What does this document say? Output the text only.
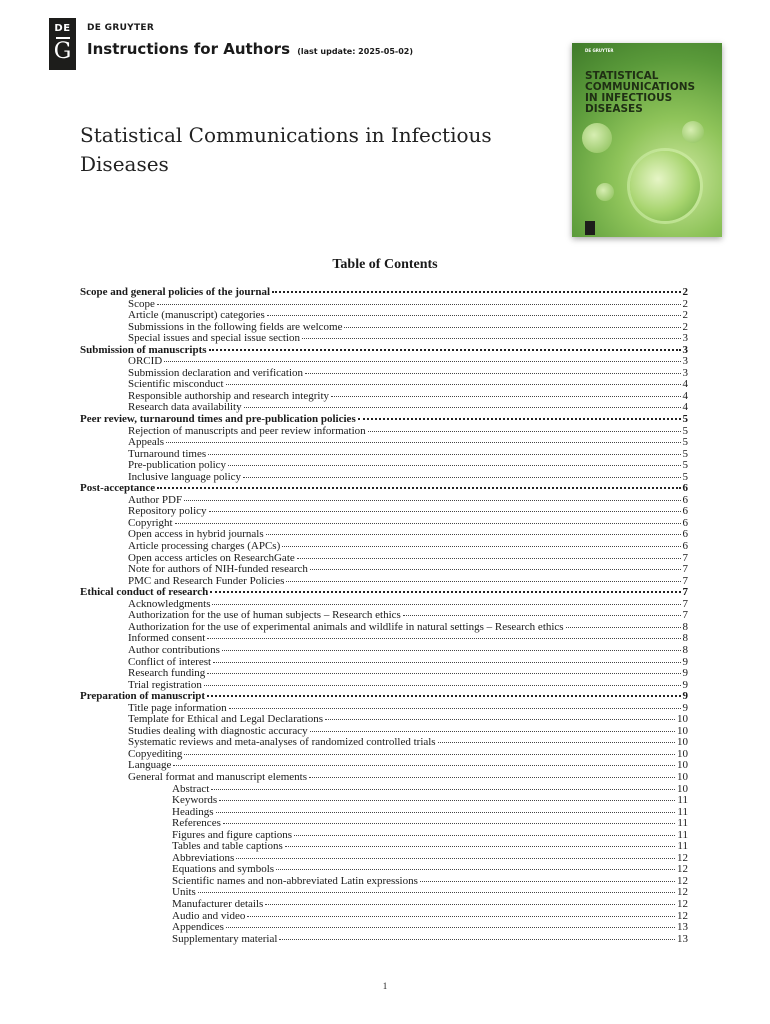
DE
G
DE GRUYTER
Instructions for Authors (last update: 2025-05-02)	DE GRUYTER
STATISTICAL
COMMUNICATIONS
IN INFECTIOUS
DISEASES
Statistical Communications in Infectious Diseases
Table of Contents
Scope and general policies of the journal	2
Scope	2
Article (manuscript) categories	2
Submissions in the following fields are welcome	2
Special issues and special issue section	3
Submission of manuscripts	3
ORCID	3
Submission declaration and verification	3
Scientific misconduct	4
Responsible authorship and research integrity	4
Research data availability	4
Peer review, turnaround times and pre-publication policies	5
Rejection of manuscripts and peer review information	5
Appeals	5
Turnaround times	5
Pre-publication policy	5
Inclusive language policy	5
Post-acceptance	6
Author PDF	6
Repository policy	6
Copyright	6
Open access in hybrid journals	6
Article processing charges (APCs)	6
Open access articles on ResearchGate	7
Note for authors of NIH-funded research	7
PMC and Research Funder Policies	7
Ethical conduct of research	7
Acknowledgments	7
Authorization for the use of human subjects – Research ethics	7
Authorization for the use of experimental animals and wildlife in natural settings – Research ethics	8
Informed consent	8
Author contributions	8
Conflict of interest	9
Research funding	9
Trial registration	9
Preparation of manuscript	9
Title page information	9
Template for Ethical and Legal Declarations	10
Studies dealing with diagnostic accuracy	10
Systematic reviews and meta-analyses of randomized controlled trials	10
Copyediting	10
Language	10
General format and manuscript elements	10
Abstract	10
Keywords	11
Headings	11
References	11
Figures and figure captions	11
Tables and table captions	11
Abbreviations	12
Equations and symbols	12
Scientific names and non-abbreviated Latin expressions	12
Units	12
Manufacturer details	12
Audio and video	12
Appendices	13
Supplementary material	13
1
